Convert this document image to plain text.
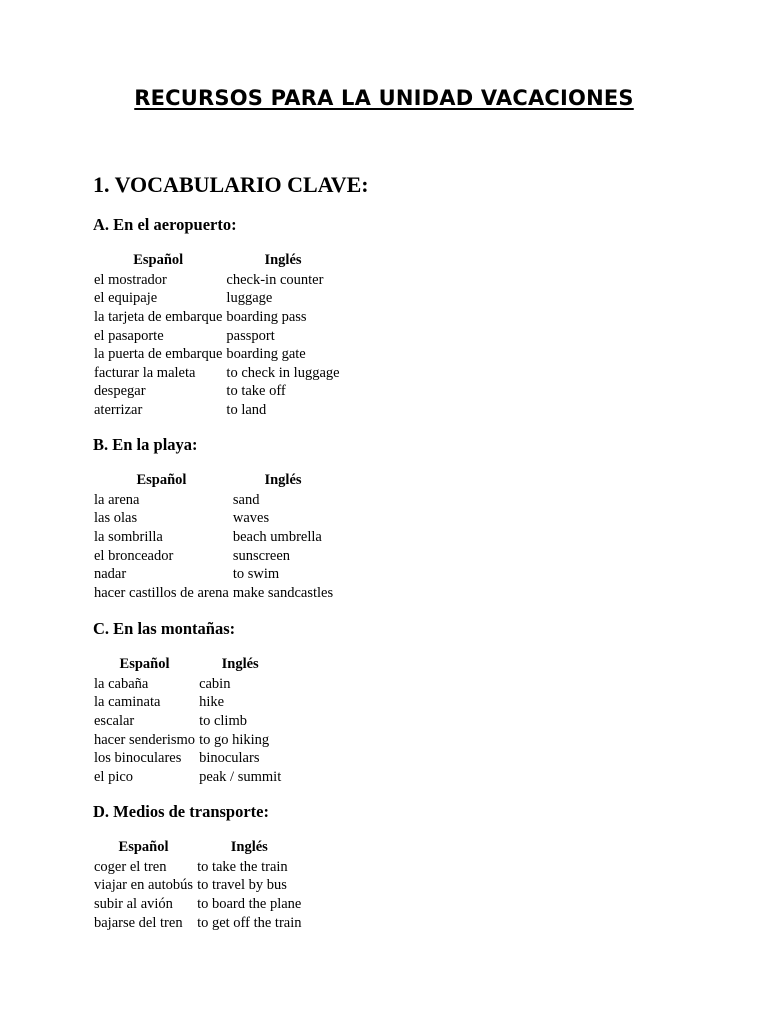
RECURSOS PARA LA UNIDAD VACACIONES
1. VOCABULARIO CLAVE:
A. En el aeropuerto:
Español	Inglés
el mostrador	check-in counter
el equipaje	luggage
la tarjeta de embarque	boarding pass
el pasaporte	passport
la puerta de embarque	boarding gate
facturar la maleta	to check in luggage
despegar	to take off
aterrizar	to land
B. En la playa:
Español	Inglés
la arena	sand
las olas	waves
la sombrilla	beach umbrella
el bronceador	sunscreen
nadar	to swim
hacer castillos de arena	make sandcastles
C. En las montañas:
Español	Inglés
la cabaña	cabin
la caminata	hike
escalar	to climb
hacer senderismo	to go hiking
los binoculares	binoculars
el pico	peak / summit
D. Medios de transporte:
Español	Inglés
coger el tren	to take the train
viajar en autobús	to travel by bus
subir al avión	to board the plane
bajarse del tren	to get off the train
